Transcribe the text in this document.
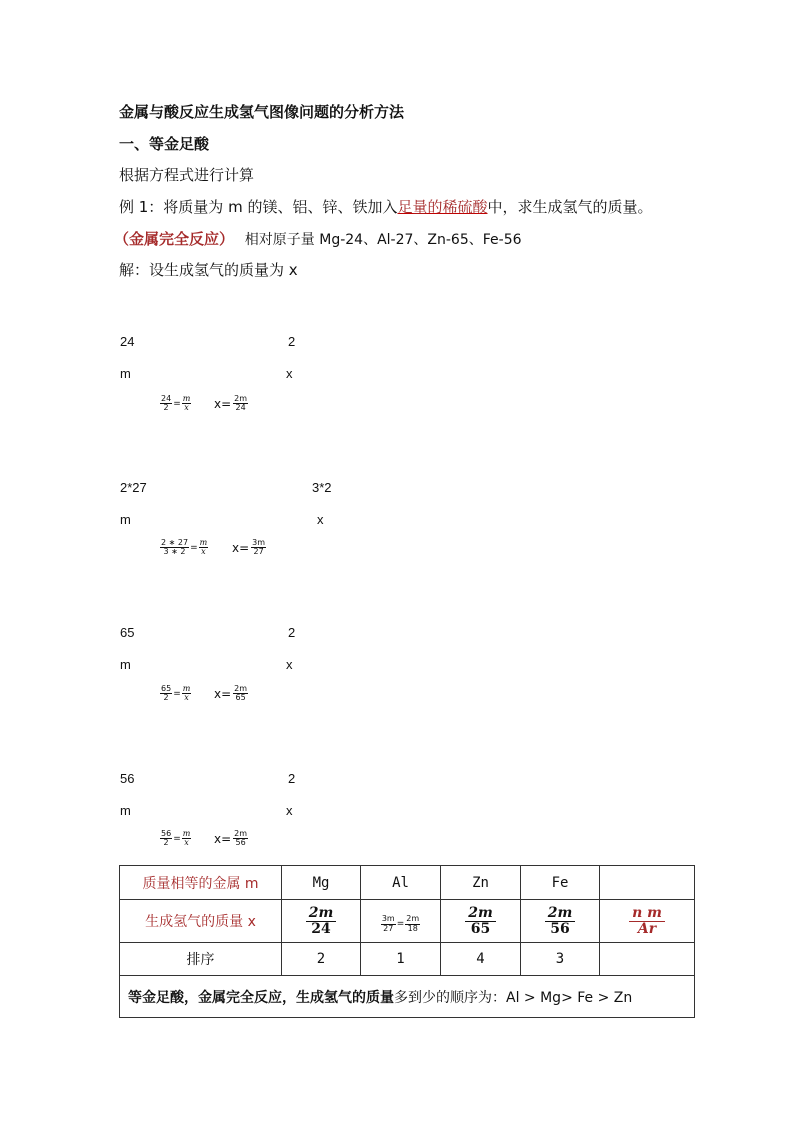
金属与酸反应生成氢气图像问题的分析方法
一、等金足酸
根据方程式进行计算
例 1：将质量为 m 的镁、铝、锌、铁加入足量的稀硫酸中，求生成氢气的质量。
（金属完全反应） 相对原子量 Mg-24、Al-27、Zn-65、Fe-56
解：设生成氢气的质量为 x
24	2
m	x
$\frac{24}{2} = \frac{m}{x} x= \frac{2m}{24}$
2*27	3*2
m	x
$\frac{2 ∗ 27}{3 ∗ 2} = \frac{m}{x} x= \frac{3m}{27}$
65	2
m	x
$\frac{65}{2} = \frac{m}{x} x= \frac{2m}{65}$
56	2
m	x
$\frac{56}{2} = \frac{m}{x} x= \frac{2m}{56}$
质量相等的金属 m	Mg	Al	Zn	Fe	
生成氢气的质量 x	$\frac{2m}{24}$	$\frac{3m}{27} = \frac{2m}{18}$	$\frac{2m}{65}$	$\frac{2m}{56}$	$\frac{\text{n m}}{Ar}$

排序	2	1	4	3	
等金足酸，金属完全反应，生成氢气的质量多到少的顺序为：Al > Mg> Fe > Zn					
